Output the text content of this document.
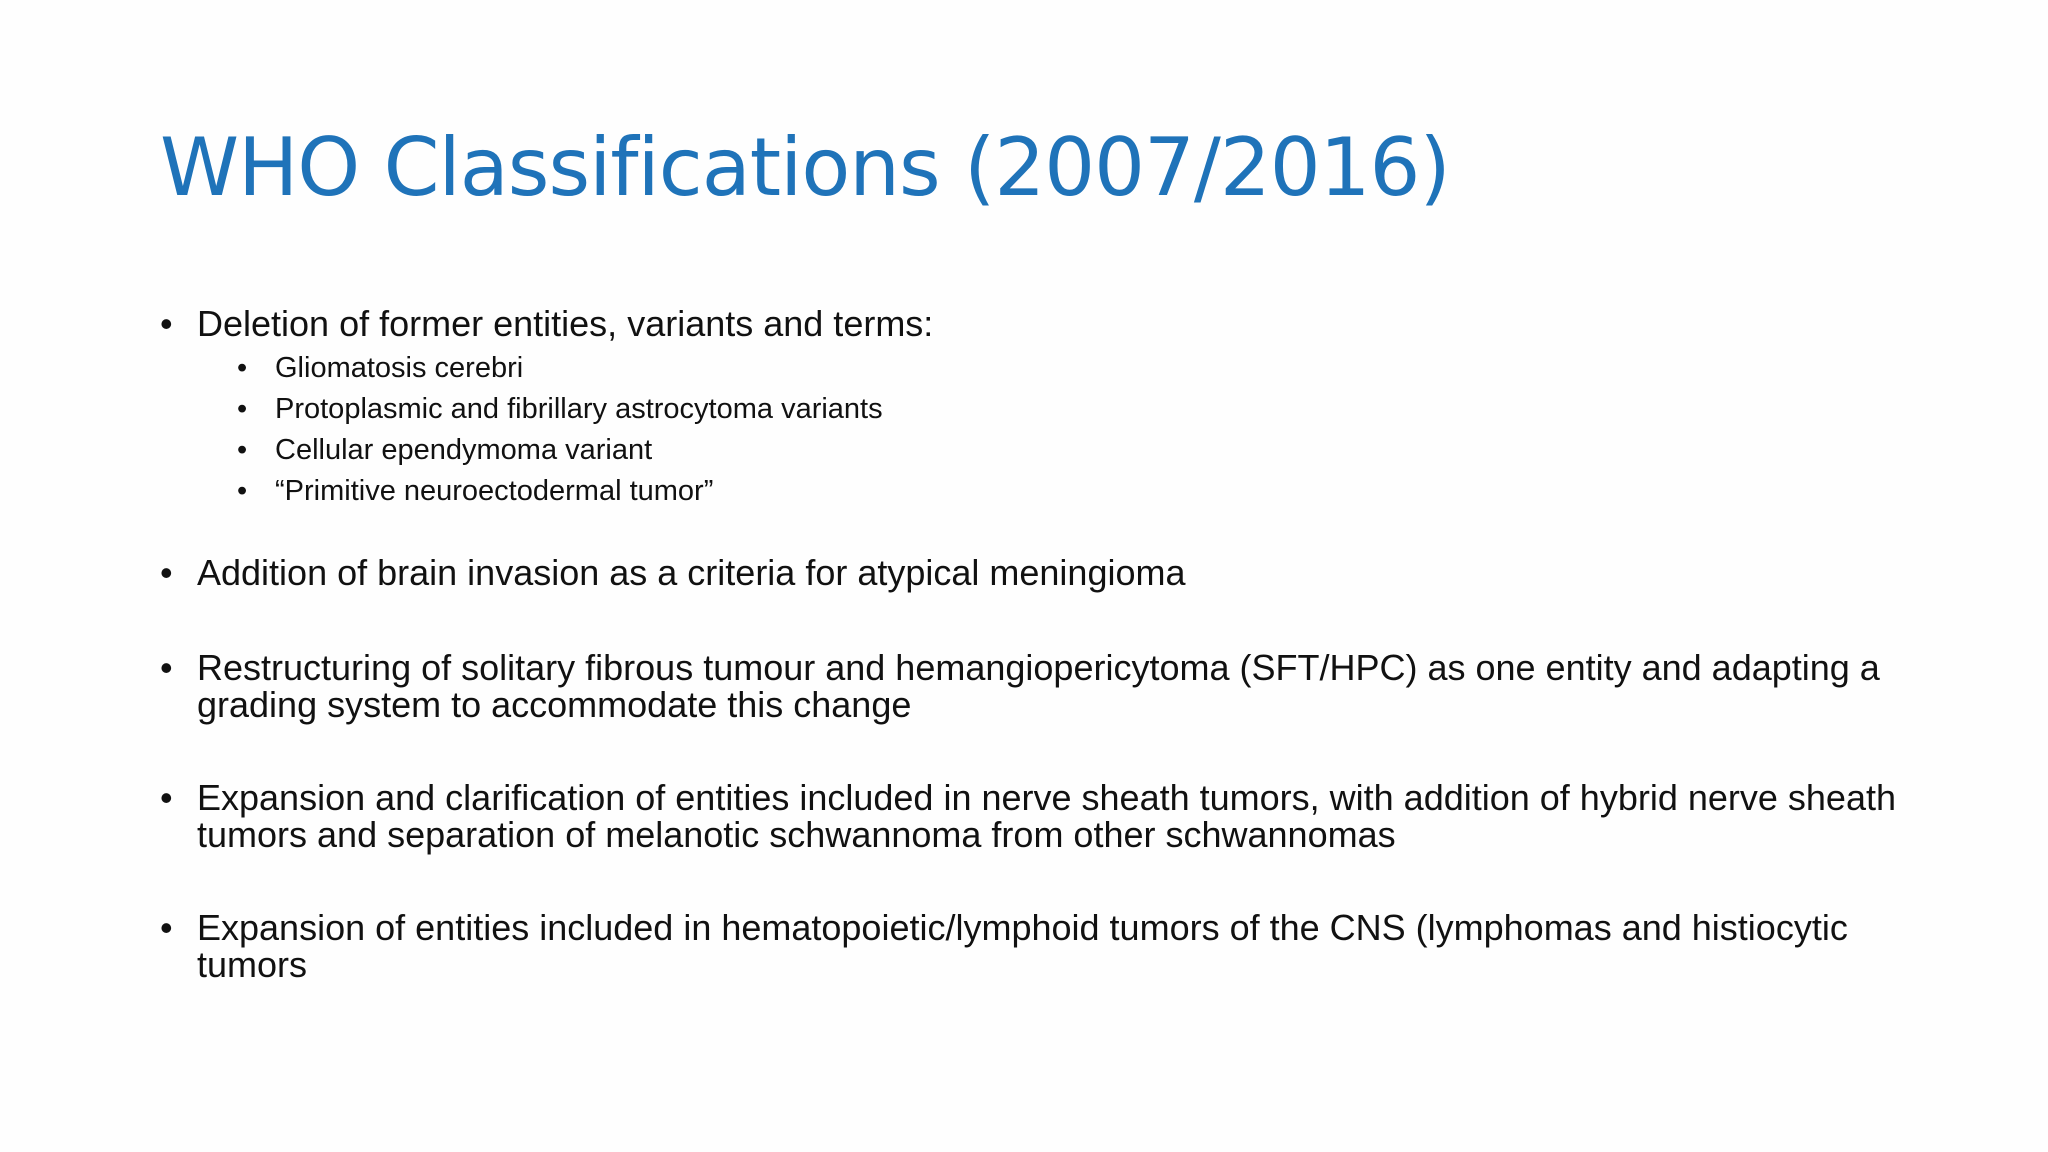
WHO Classifications (2007/2016)
• Deletion of former entities, variants and terms:
• Gliomatosis cerebri
• Protoplasmic and fibrillary astrocytoma variants
• Cellular ependymoma variant
• “Primitive neuroectodermal tumor”
• Addition of brain invasion as a criteria for atypical meningioma
• Restructuring of solitary fibrous tumour and hemangiopericytoma (SFT/HPC) as one entity and adapting a grading system to accommodate this change
• Expansion and clarification of entities included in nerve sheath tumors, with addition of hybrid nerve sheath tumors and separation of melanotic schwannoma from other schwannomas
• Expansion of entities included in hematopoietic/lymphoid tumors of the CNS (lymphomas and histiocytic tumors
